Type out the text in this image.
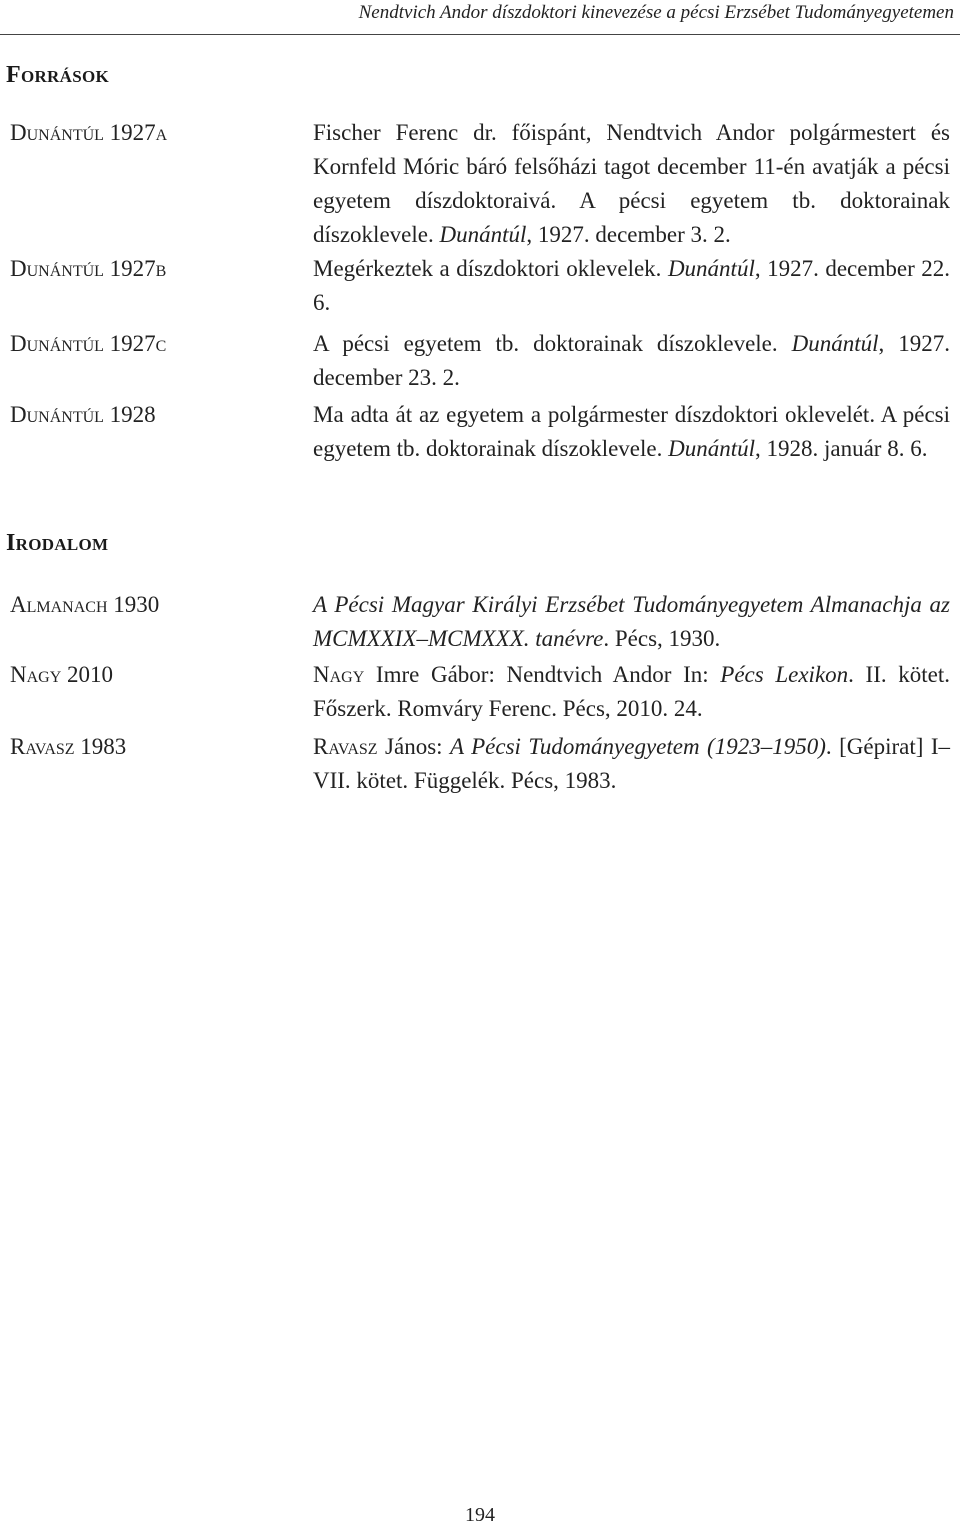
Nendtvich Andor díszdoktori kinevezése a pécsi Erzsébet Tudományegyetemen
Források
Dunántúl 1927a	Fischer Ferenc dr. főispánt, Nendtvich Andor polgármestert és Kornfeld Móric báró felsőházi tagot december 11-én avatják a pécsi egyetem díszdoktoraivá. A pécsi egyetem tb. doktorainak díszoklevele. Dunántúl, 1927. december 3. 2.
Dunántúl 1927b	Megérkeztek a díszdoktori oklevelek. Dunántúl, 1927. december 22. 6.
Dunántúl 1927c	A pécsi egyetem tb. doktorainak díszoklevele. Dunántúl, 1927. december 23. 2.
Dunántúl 1928	Ma adta át az egyetem a polgármester díszdoktori oklevelét. A pécsi egyetem tb. doktorainak díszoklevele. Dunántúl, 1928. január 8. 6.
Irodalom
Almanach 1930	A Pécsi Magyar Királyi Erzsébet Tudományegyetem Almanachja az MCMXXIX–MCMXXX. tanévre. Pécs, 1930.
Nagy 2010	Nagy Imre Gábor: Nendtvich Andor In: Pécs Lexikon. II. kötet. Főszerk. Romváry Ferenc. Pécs, 2010. 24.
Ravasz 1983	Ravasz János: A Pécsi Tudományegyetem (1923–1950). [Gépirat] I–VII. kötet. Függelék. Pécs, 1983.
194
